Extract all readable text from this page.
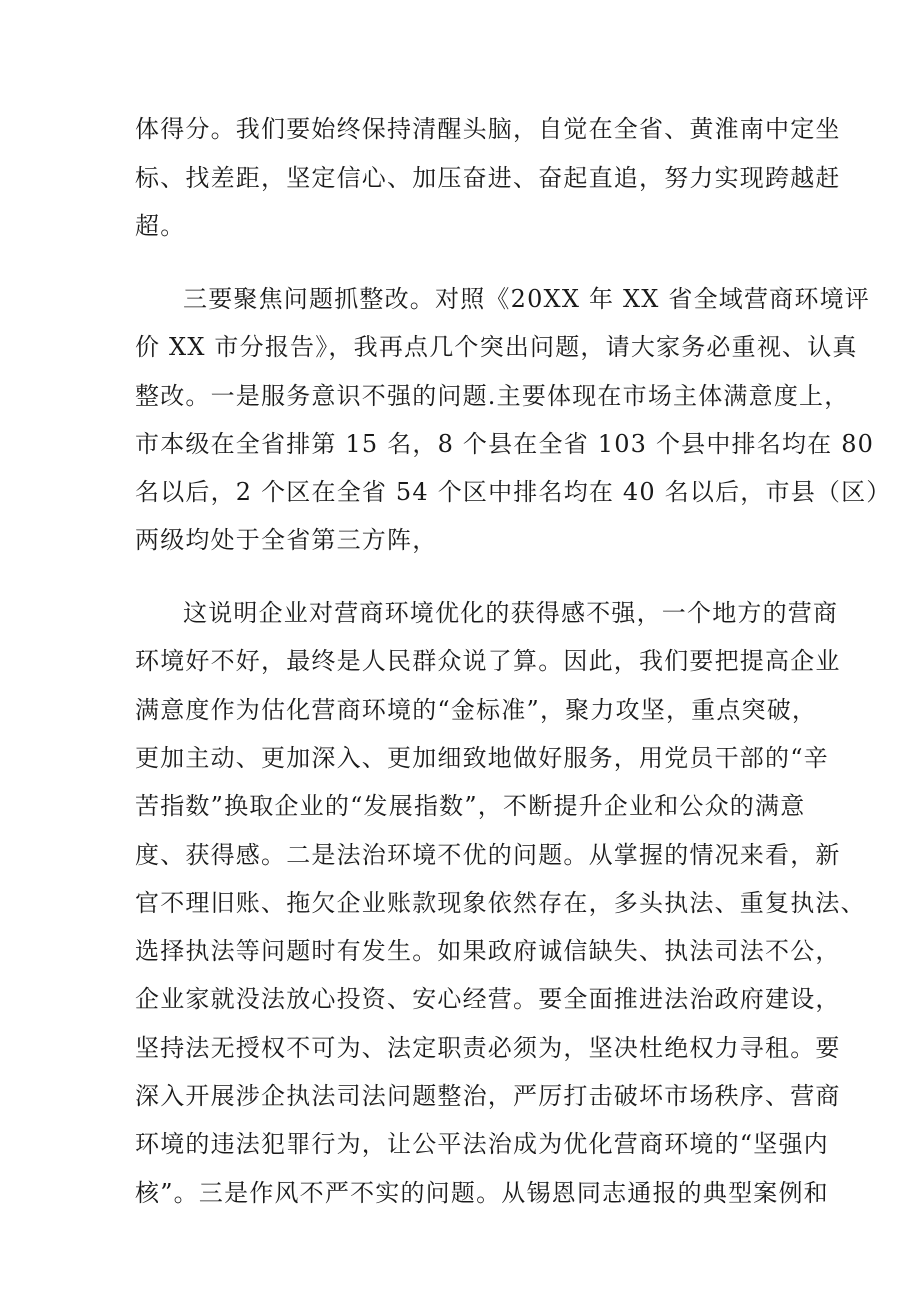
体得分。我们要始终保持清醒头脑，自觉在全省、黄淮南中定坐
标、找差距，坚定信心、加压奋进、奋起直追，努力实现跨越赶
超。
三要聚焦问题抓整改。对照《20XX 年 XX 省全域营商环境评
价 XX 市分报告》，我再点几个突出问题，请大家务必重视、认真
整改。一是服务意识不强的问题.主要体现在市场主体满意度上，
市本级在全省排第 15 名，8 个县在全省 103 个县中排名均在 80
名以后，2 个区在全省 54 个区中排名均在 40 名以后，市县（区）
两级均处于全省第三方阵，
这说明企业对营商环境优化的获得感不强，一个地方的营商
环境好不好，最终是人民群众说了算。因此，我们要把提高企业
满意度作为估化营商环境的“金标准”，聚力攻坚，重点突破，
更加主动、更加深入、更加细致地做好服务，用党员干部的“辛
苦指数”换取企业的“发展指数”，不断提升企业和公众的满意
度、获得感。二是法治环境不优的问题。从掌握的情况来看，新
官不理旧账、拖欠企业账款现象依然存在，多头执法、重复执法、
选择执法等问题时有发生。如果政府诚信缺失、执法司法不公，
企业家就没法放心投资、安心经营。要全面推进法治政府建设，
坚持法无授权不可为、法定职责必须为，坚决杜绝权力寻租。要
深入开展涉企执法司法问题整治，严厉打击破坏市场秩序、营商
环境的违法犯罪行为，让公平法治成为优化营商环境的“坚强内
核”。三是作风不严不实的问题。从锡恩同志通报的典型案例和
